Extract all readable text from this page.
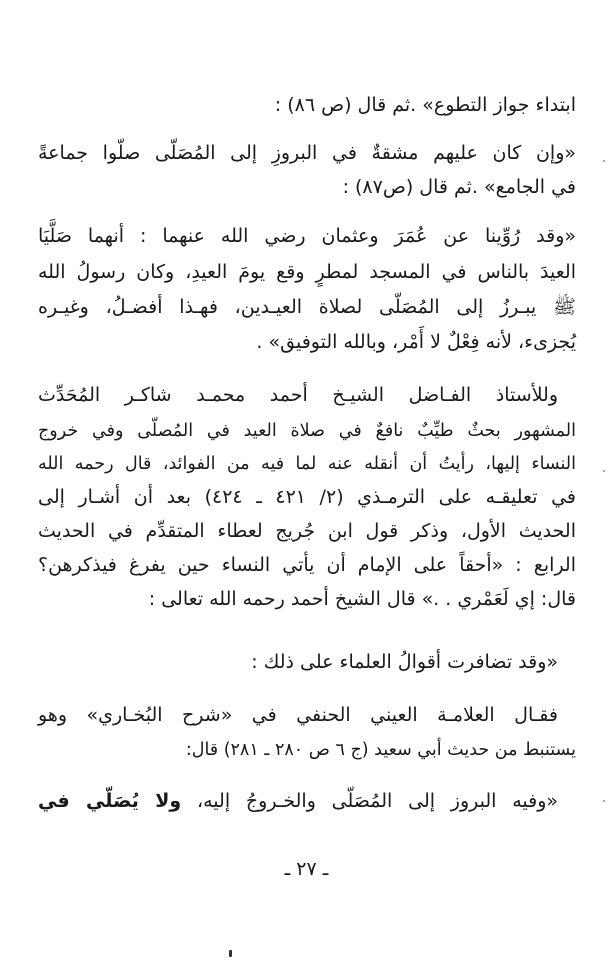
ابتداء جواز التطوع» .ثم قال (ص ٨٦) :
«وإن كان عليهم مشقةٌ في البروزِ إلى المُصَلّى صلّوا جماعةً
في الجامع» .ثم قال (ص٨٧) :
«وقد رُوِّينا عن عُمَرَ وعثمان رضي الله عنهما : أنهما صَلَّيَا
العيدَ بالناس في المسجد لمطرٍ وقع يومَ العيدِ، وكان رسولُ الله
ﷺ يبـرزُ إلى المُصَلّى لصلاة العيـدين، فهـذا أفضـلُ، وغيـره
يُجزىء، لأنه فِعْلٌ لا أَمْر، وبالله التوفيق» .
وللأستاذ الفـاضل الشيـخ أحمد محمـد شاكـر المُحَدِّث
المشهور بحثٌ طيِّبٌ نافعٌ في صلاة العيد في المُصلّى وفي خروج
النساء إليها، رأيتُ أن أنقله عنه لما فيه من الفوائد، قال رحمه الله
في تعليقـه على الترمـذي (٢/ ٤٢١ ـ ٤٢٤) بعد أن أشـار إلى
الحديث الأول، وذكر قول ابن جُريج لعطاء المتقدِّم في الحديث
الرابع : «أحقاً على الإمام أن يأتي النساء حين يفرغ فيذكرهن؟
قال: إي لَعَمْري . .» قال الشيخ أحمد رحمه الله تعالى :
«وقد تضافرت أقوالُ العلماء على ذلك :
فقـال العلامـة العيني الحنفي في «شرح البُخـاري» وهو
يستنبط من حديث أبي سعيد (ج ٦ ص ٢٨٠ ـ ٢٨١) قال:
«وفيه البروز إلى المُصَلّى والخـروجُ إليه، ولا يُصَلّي في
ـ ٢٧ ـ
